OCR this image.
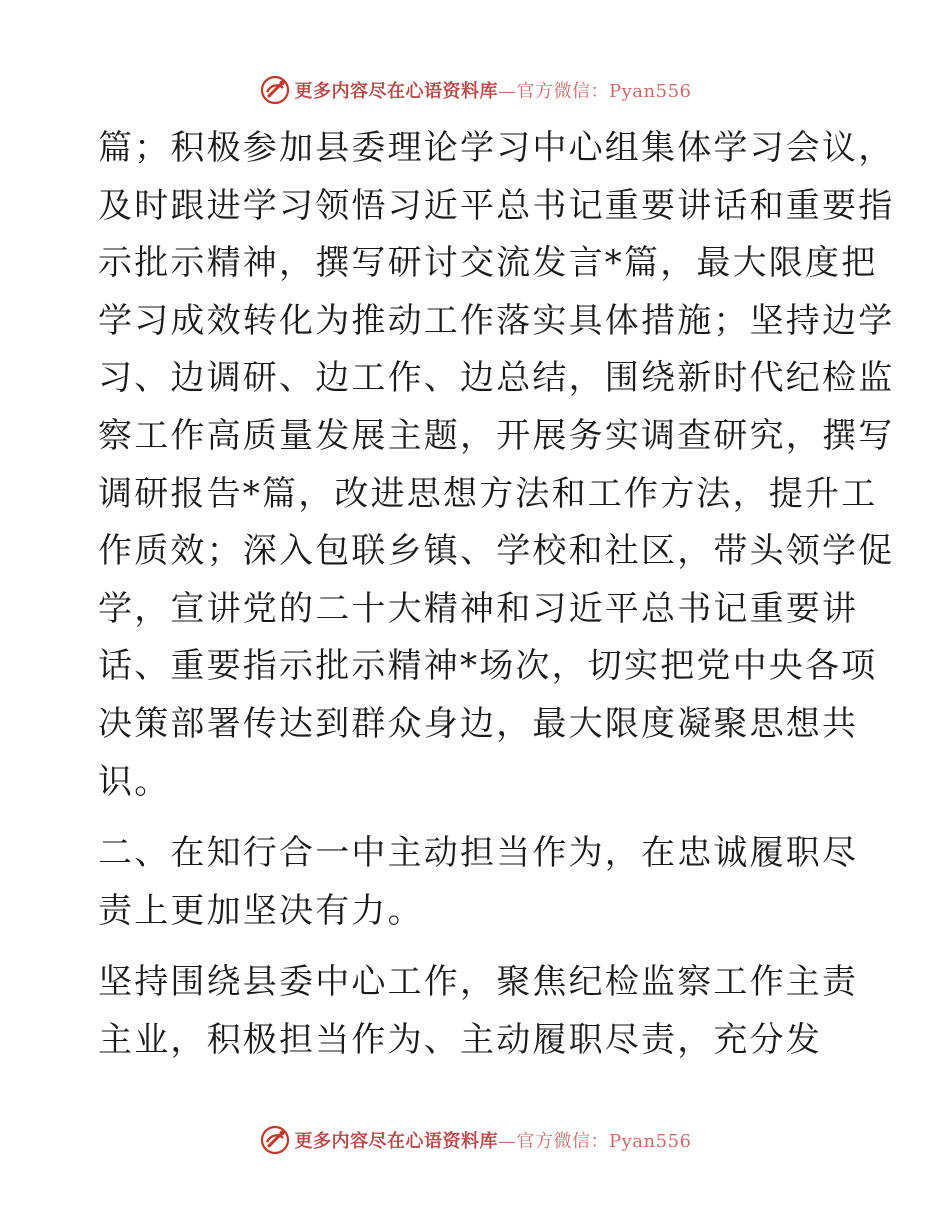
更多内容尽在心语资料库—官方微信：Pyan556

篇；积极参加县委理论学习中心组集体学习会议，
及时跟进学习领悟习近平总书记重要讲话和重要指
示批示精神，撰写研讨交流发言*篇，最大限度把
学习成效转化为推动工作落实具体措施；坚持边学
习、边调研、边工作、边总结，围绕新时代纪检监
察工作高质量发展主题，开展务实调查研究，撰写
调研报告*篇，改进思想方法和工作方法，提升工
作质效；深入包联乡镇、学校和社区，带头领学促
学，宣讲党的二十大精神和习近平总书记重要讲
话、重要指示批示精神*场次，切实把党中央各项
决策部署传达到群众身边，最大限度凝聚思想共
识。

二、在知行合一中主动担当作为，在忠诚履职尽
责上更加坚决有力。

坚持围绕县委中心工作，聚焦纪检监察工作主责
主业，积极担当作为、主动履职尽责，充分发

更多内容尽在心语资料库—官方微信：Pyan556
